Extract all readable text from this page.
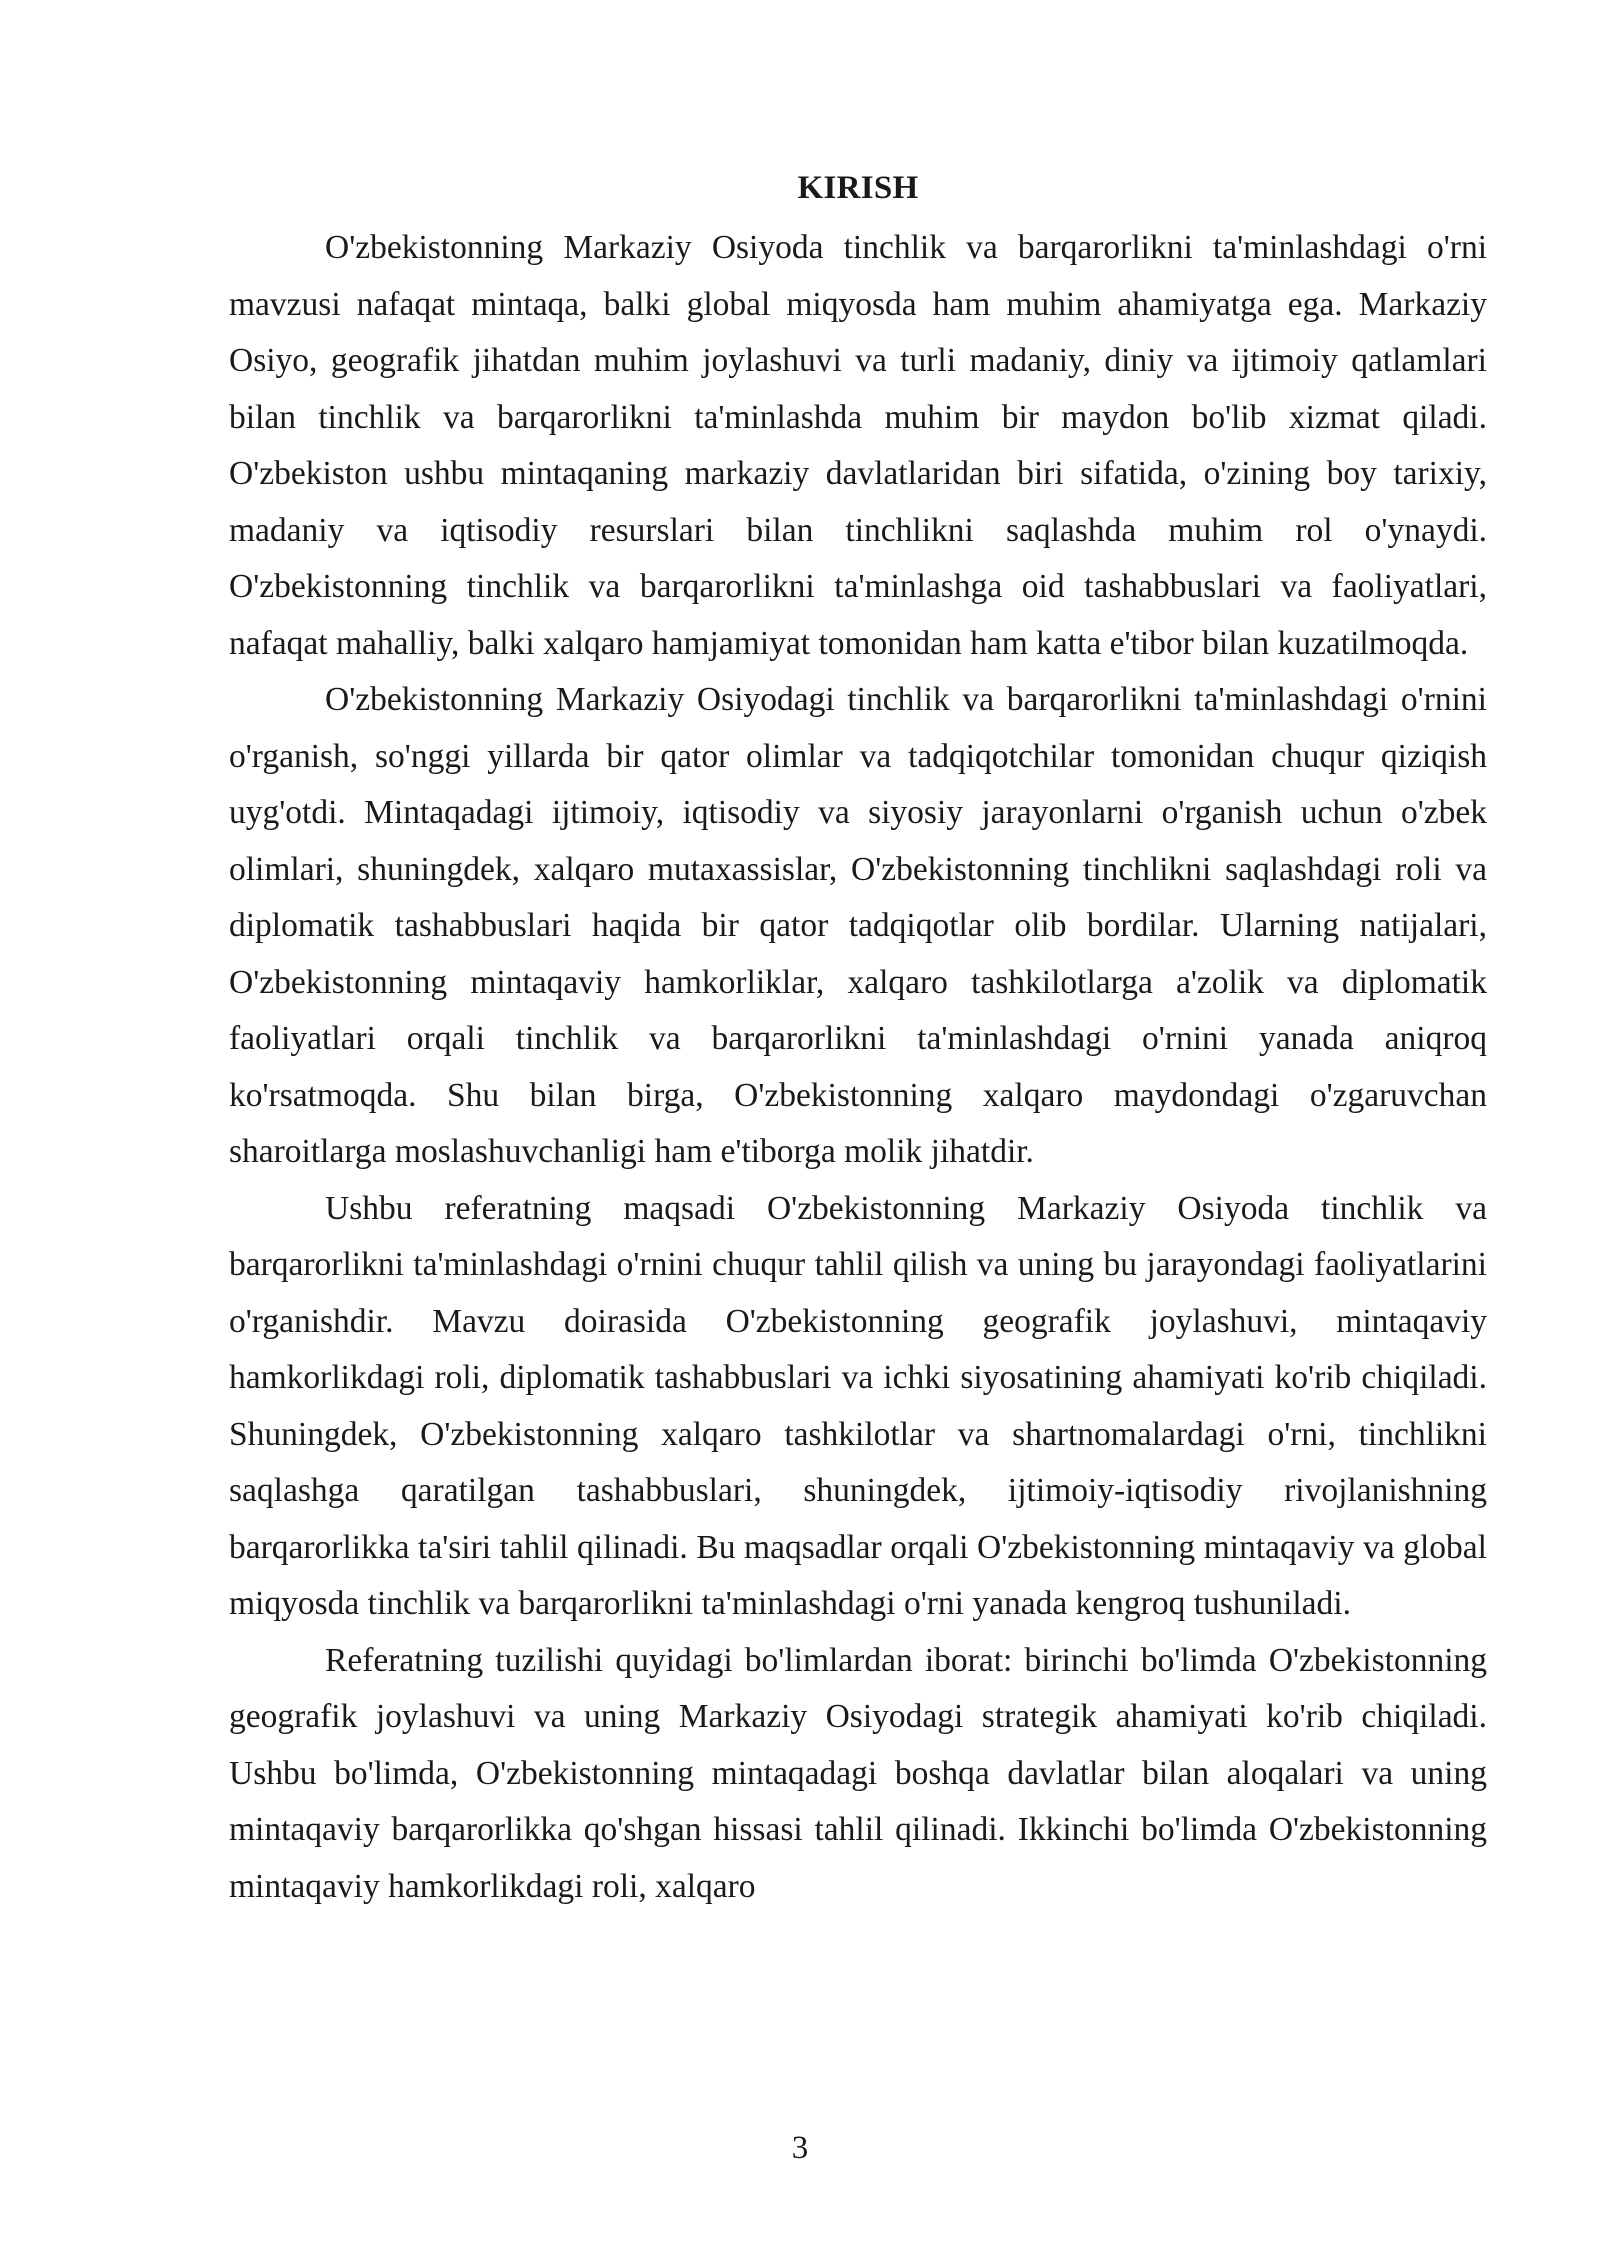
KIRISH

O'zbekistonning Markaziy Osiyoda tinchlik va barqarorlikni ta'minlashdagi o'rni mavzusi nafaqat mintaqa, balki global miqyosda ham muhim ahamiyatga ega. Markaziy Osiyo, geografik jihatdan muhim joylashuvi va turli madaniy, diniy va ijtimoiy qatlamlari bilan tinchlik va barqarorlikni ta'minlashda muhim bir maydon bo'lib xizmat qiladi. O'zbekiston ushbu mintaqaning markaziy davlatlaridan biri sifatida, o'zining boy tarixiy, madaniy va iqtisodiy resurslari bilan tinchlikni saqlashda muhim rol o'ynaydi. O'zbekistonning tinchlik va barqarorlikni ta'minlashga oid tashabbuslari va faoliyatlari, nafaqat mahalliy, balki xalqaro hamjamiyat tomonidan ham katta e'tibor bilan kuzatilmoqda.

O'zbekistonning Markaziy Osiyodagi tinchlik va barqarorlikni ta'minlashdagi o'rnini o'rganish, so'nggi yillarda bir qator olimlar va tadqiqotchilar tomonidan chuqur qiziqish uyg'otdi. Mintaqadagi ijtimoiy, iqtisodiy va siyosiy jarayonlarni o'rganish uchun o'zbek olimlari, shuningdek, xalqaro mutaxassislar, O'zbekistonning tinchlikni saqlashdagi roli va diplomatik tashabbuslari haqida bir qator tadqiqotlar olib bordilar. Ularning natijalari, O'zbekistonning mintaqaviy hamkorliklar, xalqaro tashkilotlarga a'zolik va diplomatik faoliyatlari orqali tinchlik va barqarorlikni ta'minlashdagi o'rnini yanada aniqroq ko'rsatmoqda. Shu bilan birga, O'zbekistonning xalqaro maydondagi o'zgaruvchan sharoitlarga moslashuvchanligi ham e'tiborga molik jihatdir.

Ushbu referatning maqsadi O'zbekistonning Markaziy Osiyoda tinchlik va barqarorlikni ta'minlashdagi o'rnini chuqur tahlil qilish va uning bu jarayondagi faoliyatlarini o'rganishdir. Mavzu doirasida O'zbekistonning geografik joylashuvi, mintaqaviy hamkorlikdagi roli, diplomatik tashabbuslari va ichki siyosatining ahamiyati ko'rib chiqiladi. Shuningdek, O'zbekistonning xalqaro tashkilotlar va shartnomalardagi o'rni, tinchlikni saqlashga qaratilgan tashabbuslari, shuningdek, ijtimoiy-iqtisodiy rivojlanishning barqarorlikka ta'siri tahlil qilinadi. Bu maqsadlar orqali O'zbekistonning mintaqaviy va global miqyosda tinchlik va barqarorlikni ta'minlashdagi o'rni yanada kengroq tushuniladi.

Referatning tuzilishi quyidagi bo'limlardan iborat: birinchi bo'limda O'zbekistonning geografik joylashuvi va uning Markaziy Osiyodagi strategik ahamiyati ko'rib chiqiladi. Ushbu bo'limda, O'zbekistonning mintaqadagi boshqa davlatlar bilan aloqalari va uning mintaqaviy barqarorlikka qo'shgan hissasi tahlil qilinadi. Ikkinchi bo'limda O'zbekistonning mintaqaviy hamkorlikdagi roli, xalqaro

3
